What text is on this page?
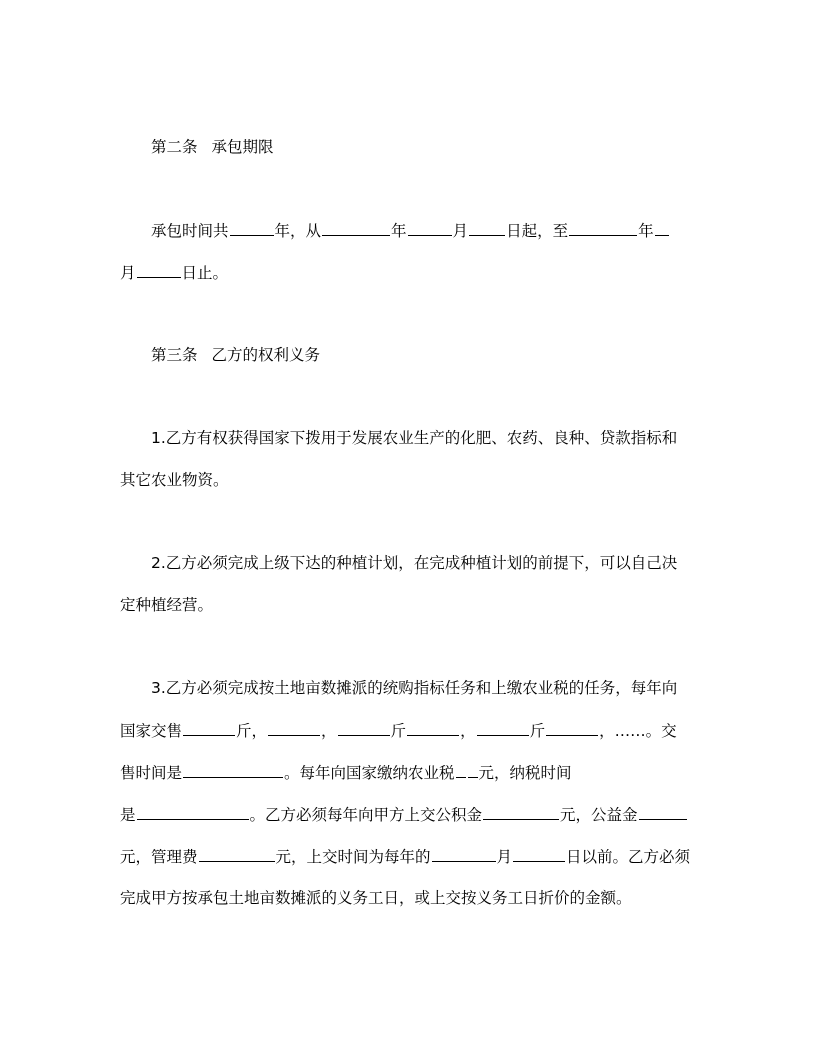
第二条 承包期限
承包时间共	年，从	年	月 日起，至	年
月	日止。
第三条 乙方的权利义务
1.乙方有权获得国家下拨用于发展农业生产的化肥、农药、良种、贷款指标和
其它农业物资。
2.乙方必须完成上级下达的种植计划，在完成种植计划的前提下，可以自己决
定种植经营。
3.乙方必须完成按土地亩数摊派的统购指标任务和上缴农业税的任务，每年向
国家交售	斤，	，	斤	，	斤	，……。交
售时间是	。每年向国家缴纳农业税 元，纳税时间
是	。乙方必须每年向甲方上交公积金	元，公益金
元，管理费	元，上交时间为每年的	月	日以前。乙方必须
完成甲方按承包土地亩数摊派的义务工日，或上交按义务工日折价的金额。
